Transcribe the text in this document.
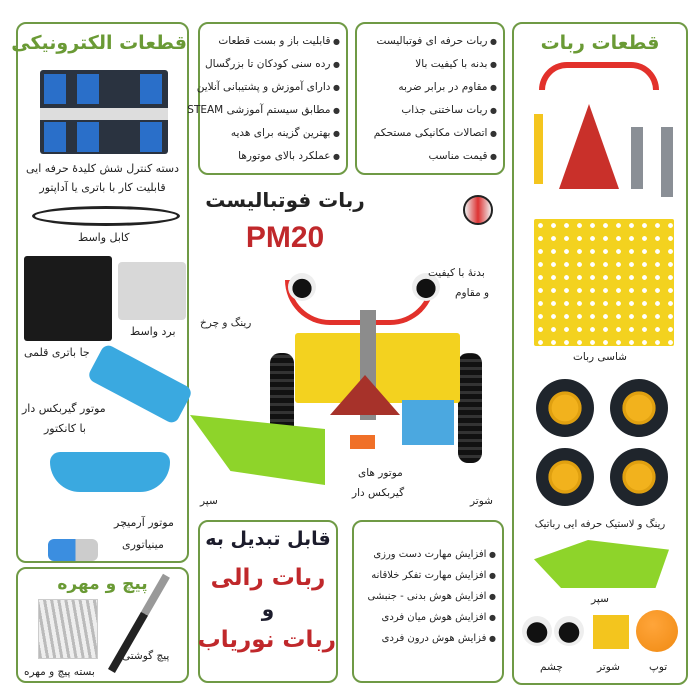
قطعات الکترونیکی
دسته کنترل شش کلیدهٔ حرفه ایی
قابلیت کار با باتری یا آداپتور
کابل واسط
برد واسط
جا باتری قلمی
موتور گیربکس دار
با کانکتور
موتور آرمیچر
مینیاتوری
پیچ و مهره
پیچ گوشتی
بسته پیچ و مهره
● قابلیت باز و بست قطعات
● رده سنی کودکان تا بزرگسال
● دارای آموزش و پشتیبانی آنلاین
● مطابق سیستم آموزشی STEAM
● بهترین گزینه برای هدیه
● عملکرد بالای موتورها
● ربات حرفه ای فوتبالیست
● بدنه با کیفیت بالا
● مقاوم در برابر ضربه
● ربات ساختنی جذاب
● اتصالات مکانیکی مستحکم
● قیمت مناسب
ربات فوتبالیست
PM20
بدنهٔ با کیفیت
و مقاوم
رینگ و چرخ
موتور های
گیربکس دار
سپر	شوتر
قابل تبدیل به
ربات رالی
و
ربات نوریاب
● افزایش مهارت دست ورزی
● افزایش مهارت تفکر خلاقانه
● افزایش هوش بدنی - جنبشی
● افزایش هوش میان فردی
● فزایش هوش درون فردی
قطعات ربات
شاسی ربات
رینگ و لاستیک حرفه ایی رباتیک
سپر
چشم	شوتر	توپ
